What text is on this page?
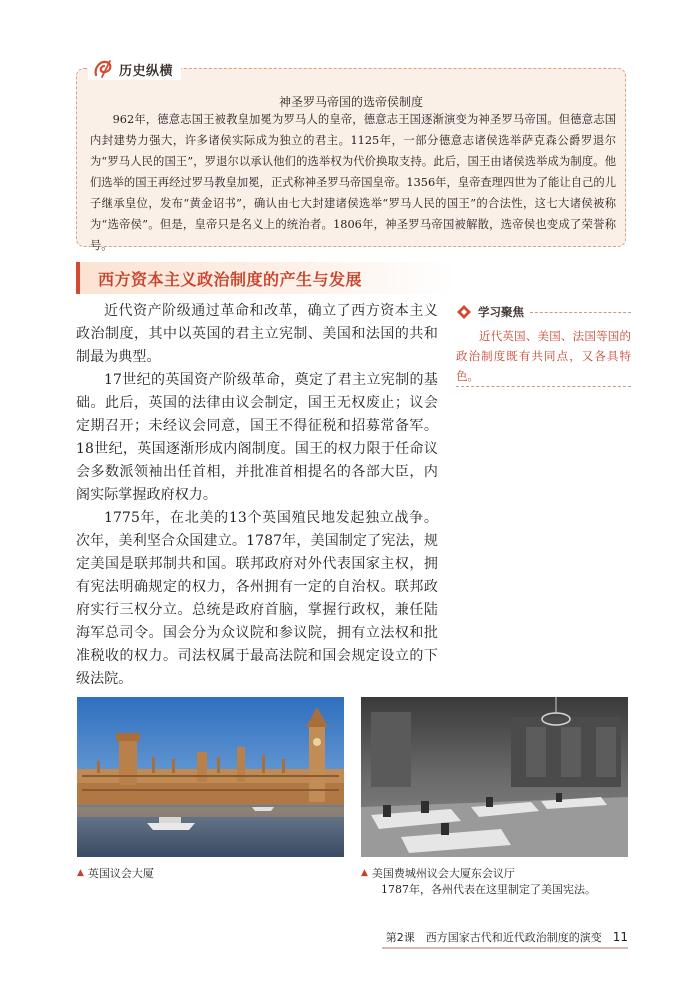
历史纵横
神圣罗马帝国的选帝侯制度

962年，德意志国王被教皇加冕为罗马人的皇帝，德意志王国逐渐演变为神圣罗马帝国。但德意志国内封建势力强大，许多诸侯实际成为独立的君主。1125年，一部分德意志诸侯选举萨克森公爵罗退尔为“罗马人民的国王”，罗退尔以承认他们的选举权为代价换取支持。此后，国王由诸侯选举成为制度。他们选举的国王再经过罗马教皇加冕，正式称神圣罗马帝国皇帝。1356年，皇帝查理四世为了能让自己的儿子继承皇位，发布“黄金诏书”，确认由七大封建诸侯选举“罗马人民的国王”的合法性，这七大诸侯被称为“选帝侯”。但是，皇帝只是名义上的统治者。1806年，神圣罗马帝国被解散，选帝侯也变成了荣誉称号。

西方资本主义政治制度的产生与发展

近代资产阶级通过革命和改革，确立了西方资本主义政治制度，其中以英国的君主立宪制、美国和法国的共和制最为典型。

17世纪的英国资产阶级革命，奠定了君主立宪制的基础。此后，英国的法律由议会制定，国王无权废止；议会定期召开；未经议会同意，国王不得征税和招募常备军。18世纪，英国逐渐形成内阁制度。国王的权力限于任命议会多数派领袖出任首相，并批准首相提名的各部大臣，内阁实际掌握政府权力。

1775年，在北美的13个英国殖民地发起独立战争。次年，美利坚合众国建立。1787年，美国制定了宪法，规定美国是联邦制共和国。联邦政府对外代表国家主权，拥有宪法明确规定的权力，各州拥有一定的自治权。联邦政府实行三权分立。总统是政府首脑，掌握行政权，兼任陆海军总司令。国会分为众议院和参议院，拥有立法权和批准税收的权力。司法权属于最高法院和国会规定设立的下级法院。

学习聚焦

近代英国、美国、法国等国的政治制度既有共同点，又各具特色。

▲ 英国议会大厦	▲ 美国费城州议会大厦东会议厅
1787年，各州代表在这里制定了美国宪法。
第2课　西方国家古代和近代政治制度的演变 11
